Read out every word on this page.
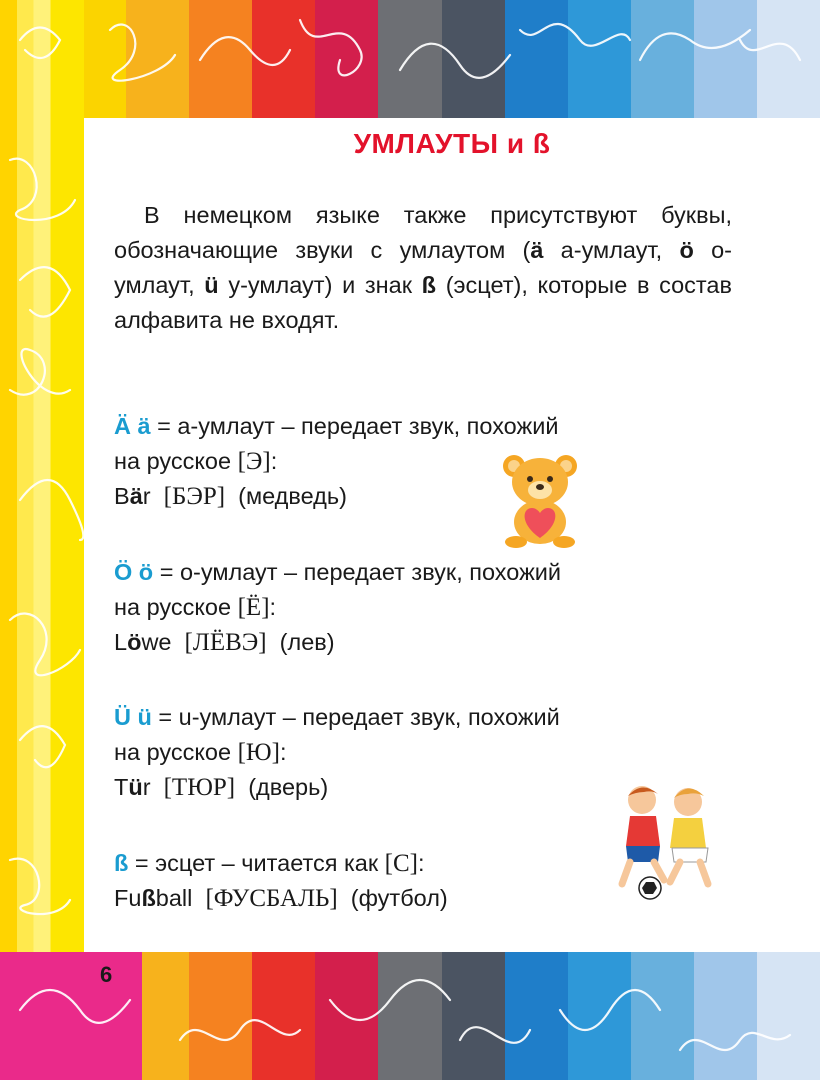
УМЛАУТЫ и ß
В немецком языке также присутствуют буквы, обозначающие звуки с умлаутом (ä а-умлаут, ö о-умлаут, ü у-умлаут) и знак ß (эсцет), которые в состав алфавита не входят.
Ä ä = a-умлаут – передает звук, похожий
на русское [Э]:
Bär [БЭР] (медведь)
Ö ö = o-умлаут – передает звук, похожий
на русское [Ё]:
Löwe [ЛЁВЭ] (лев)
Ü ü = u-умлаут – передает звук, похожий
на русское [Ю]:
Tür [ТЮР] (дверь)
ß = эсцет – читается как [С]:
Fußball [ФУСБАЛЬ] (футбол)
6
